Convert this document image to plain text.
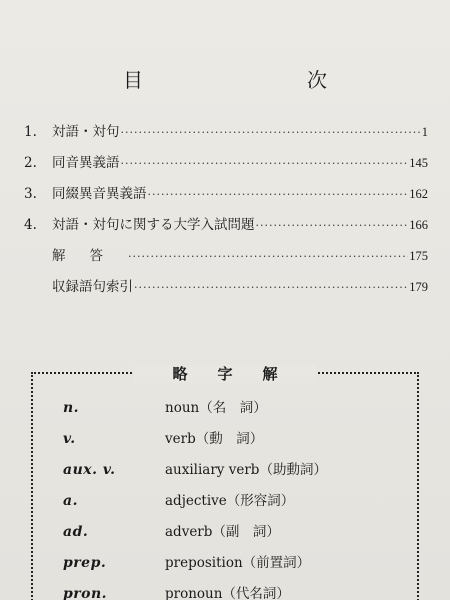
目　次
1.	対語・対句 ·····	1
2.	同音異義語 ·····	145
3.	同綴異音異義語 ·····	162
4.	対語・対句に関する大学入試問題 ·····	166
解答 ·····	175
収録語句索引 ·····	179
略字解
n.	noun（名　詞）
v.	verb（動　詞）
aux. v.	auxiliary verb（助動詞）
a.	adjective（形容詞）
ad.	adverb（副　詞）
prep.	preposition（前置詞）
pron.	pronoun（代名詞）
